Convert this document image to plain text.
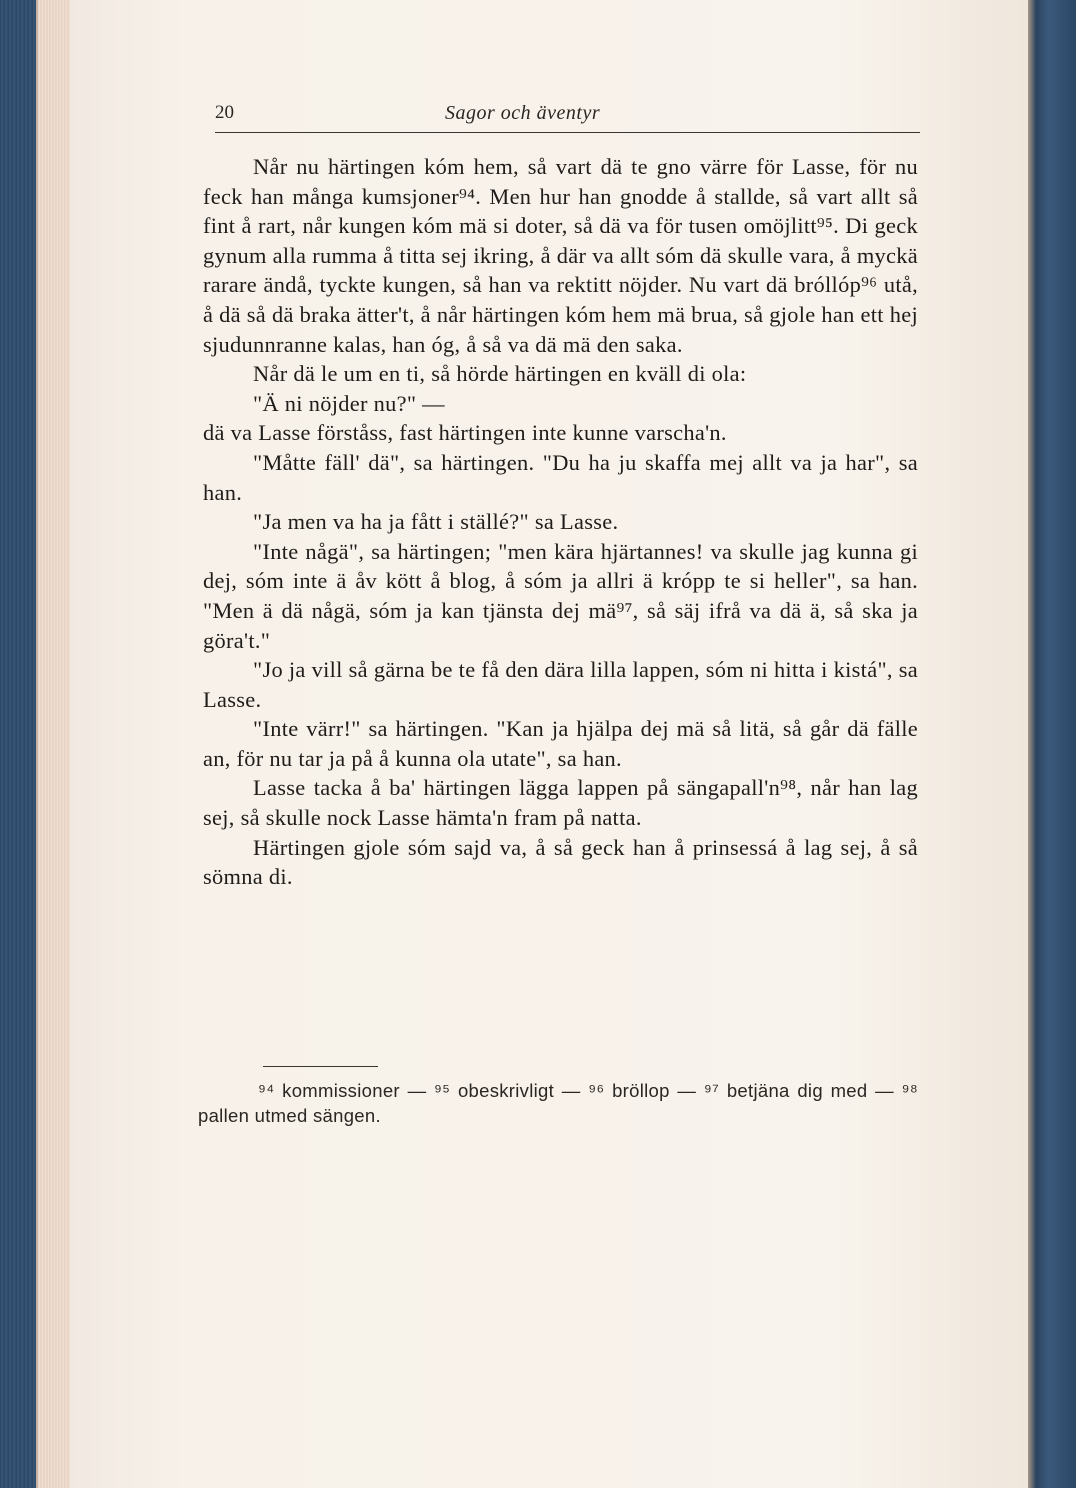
20	Sagor och äventyr

Når nu härtingen kóm hem, så vart dä te gno värre för Lasse, för nu feck han många kumsjoner⁹⁴. Men hur han gnodde å stallde, så vart allt så fint å rart, når kungen kóm mä si doter, så dä va för tusen omöjlitt⁹⁵. Di geck gynum alla rumma å titta sej ikring, å där va allt sóm dä skulle vara, å myckä rarare ändå, tyckte kungen, så han va rektitt nöjder. Nu vart dä bróllóp⁹⁶ utå, å dä så dä braka ätter't, å når härtingen kóm hem mä brua, så gjole han ett hej sjudunnranne kalas, han óg, å så va dä mä den saka.

Når dä le um en ti, så hörde härtingen en kväll di ola:

"Ä ni nöjder nu?" —

dä va Lasse förståss, fast härtingen inte kunne varscha'n.

"Måtte fäll' dä", sa härtingen. "Du ha ju skaffa mej allt va ja har", sa han.

"Ja men va ha ja fått i ställé?" sa Lasse.

"Inte någä", sa härtingen; "men kära hjärtannes! va skulle jag kunna gi dej, sóm inte ä åv kött å blog, å sóm ja allri ä krópp te si heller", sa han. "Men ä dä någä, sóm ja kan tjänsta dej mä⁹⁷, så säj ifrå va dä ä, så ska ja göra't."

"Jo ja vill så gärna be te få den dära lilla lappen, sóm ni hitta i kistá", sa Lasse.

"Inte värr!" sa härtingen. "Kan ja hjälpa dej mä så litä, så går dä fälle an, för nu tar ja på å kunna ola utate", sa han.

Lasse tacka å ba' härtingen lägga lappen på sängapall'n⁹⁸, når han lag sej, så skulle nock Lasse hämta'n fram på natta.

Härtingen gjole sóm sajd va, å så geck han å prinsessá å lag sej, å så sömna di.

⁹⁴ kommissioner — ⁹⁵ obeskrivligt — ⁹⁶ bröllop — ⁹⁷ betjäna dig med — ⁹⁸ pallen utmed sängen.
